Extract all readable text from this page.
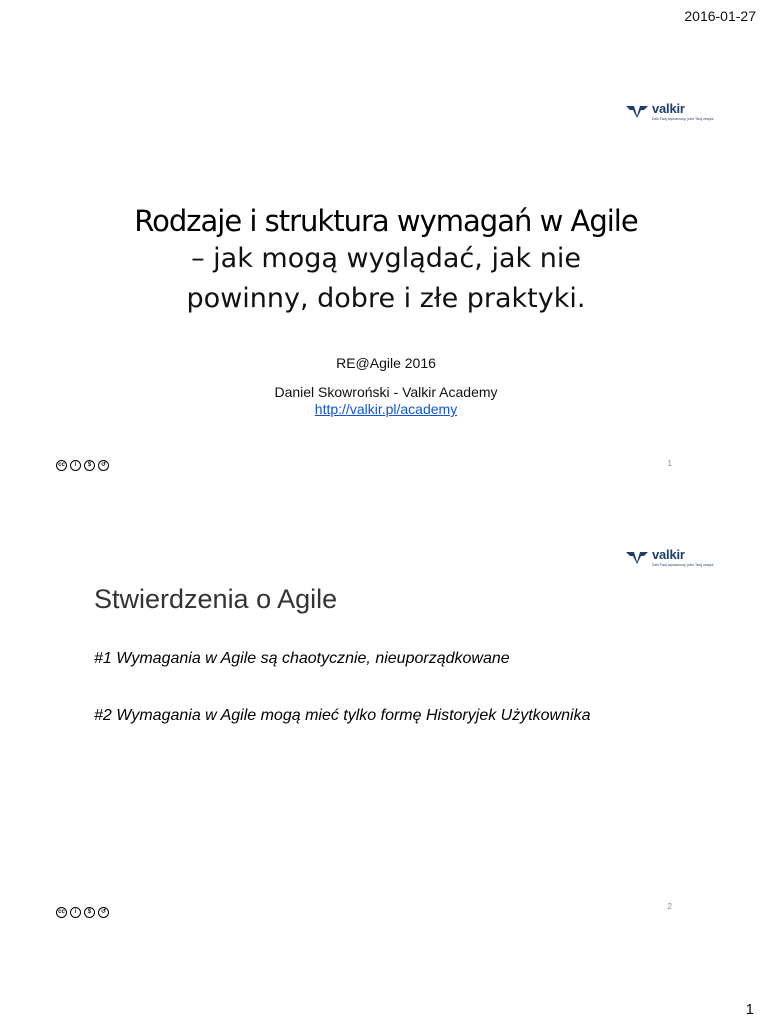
2016-01-27
valkir
Dziś Twój wymarzony, jutro Twój zespół
Rodzaje i struktura wymagań w Agile
– jak mogą wyglądać, jak nie
powinny, dobre i złe praktyki.
RE@Agile 2016
Daniel Skowroński - Valkir Academy
http://valkir.pl/academy
cc	i	$	↺	1
valkir
Dziś Twój wymarzony, jutro Twój zespół
Stwierdzenia o Agile
#1 Wymagania w Agile są chaotycznie, nieuporządkowane
#2 Wymagania w Agile mogą mieć tylko formę Historyjek Użytkownika
cc	i	$	↺
2
1
